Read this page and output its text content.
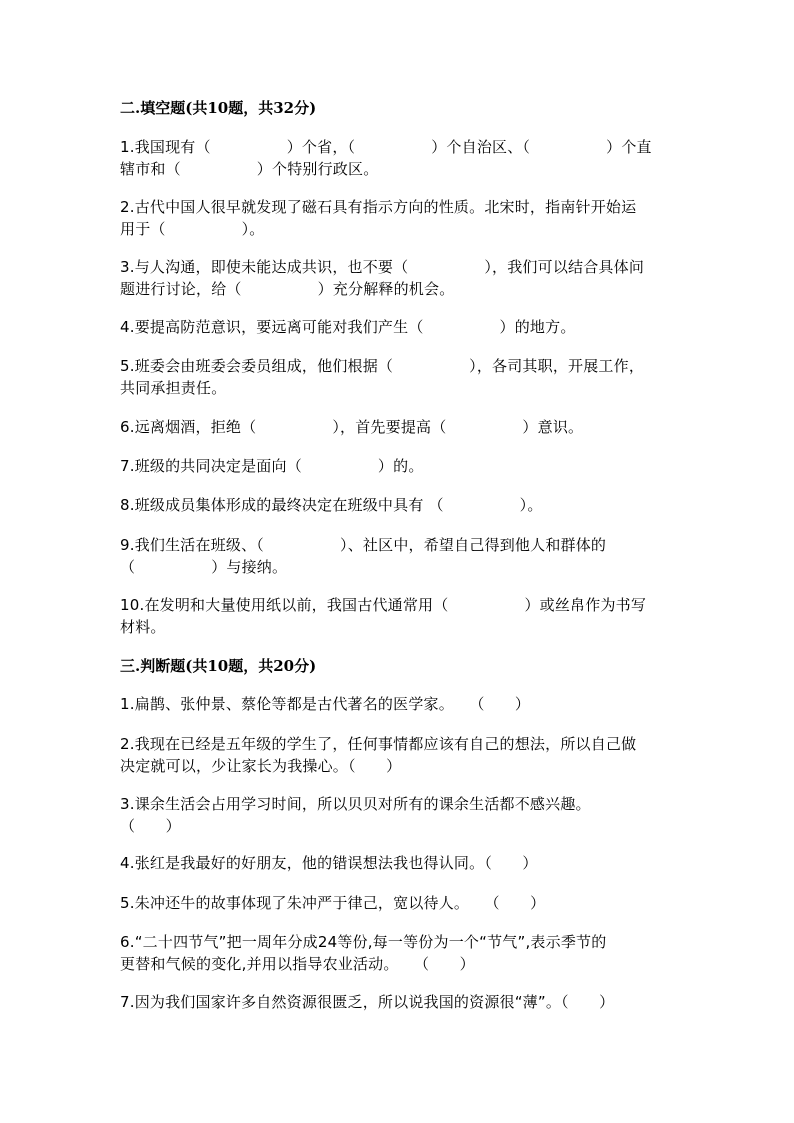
二.填空题(共10题，共32分)
1.我国现有（　　　　　）个省，（　　　　　）个自治区、（　　　　　）个直
辖市和（　　　　　）个特别行政区。
2.古代中国人很早就发现了磁石具有指示方向的性质。北宋时，指南针开始运
用于（　　　　　）。
3.与人沟通，即使未能达成共识，也不要（　　　　　），我们可以结合具体问
题进行讨论，给（　　　　　）充分解释的机会。
4.要提高防范意识，要远离可能对我们产生（　　　　　）的地方。
5.班委会由班委会委员组成，他们根据（　　　　　），各司其职，开展工作，
共同承担责任。
6.远离烟酒，拒绝（　　　　　），首先要提高（　　　　　）意识。
7.班级的共同决定是面向（　　　　　）的。
8.班级成员集体形成的最终决定在班级中具有 （　　　　　）。
9.我们生活在班级、（　　　　　）、社区中，希望自己得到他人和群体的
（　　　　　）与接纳。
10.在发明和大量使用纸以前，我国古代通常用（　　　　　）或丝帛作为书写
材料。
三.判断题(共10题，共20分)
1.扁鹊、张仲景、蔡伦等都是古代著名的医学家。　　（　　）
2.我现在已经是五年级的学生了，任何事情都应该有自己的想法，所以自己做
决定就可以，少让家长为我操心。（　　）
3.课余生活会占用学习时间，所以贝贝对所有的课余生活都不感兴趣。
（　　）
4.张红是我最好的好朋友，他的错误想法我也得认同。（　　）
5.朱冲还牛的故事体现了朱冲严于律己，宽以待人。　　（　　）
6.“二十四节气”把一周年分成24等份,每一等份为一个“节气”,表示季节的
更替和气候的变化,并用以指导农业活动。　　（　　）
7.因为我们国家许多自然资源很匮乏，所以说我国的资源很“薄”。（　　）
